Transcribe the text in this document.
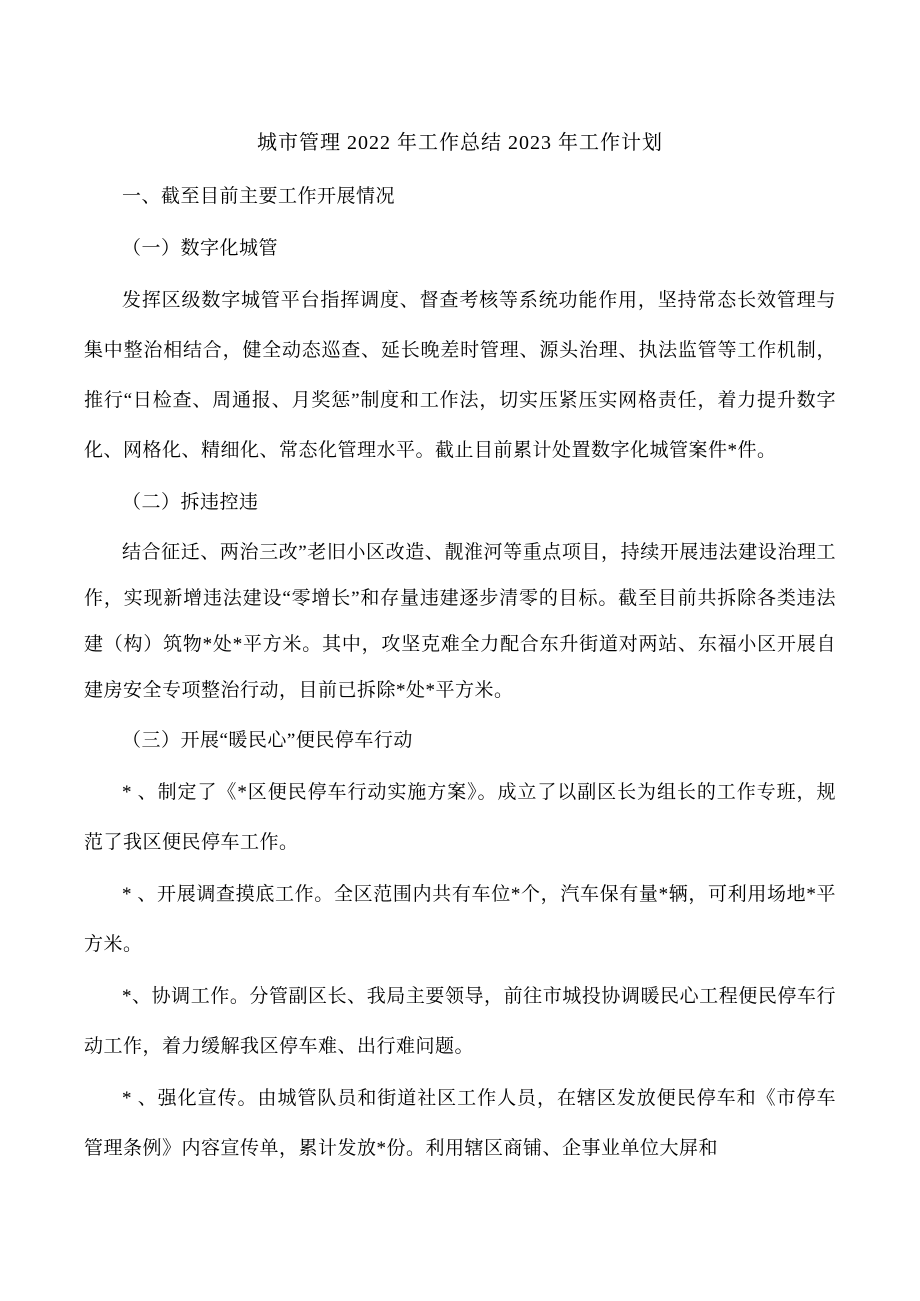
城市管理 2022 年工作总结 2023 年工作计划

一、截至目前主要工作开展情况

（一）数字化城管

发挥区级数字城管平台指挥调度、督查考核等系统功能作用，坚持常态长效管理与集中整治相结合，健全动态巡查、延长晚差时管理、源头治理、执法监管等工作机制，推行“日检查、周通报、月奖惩”制度和工作法，切实压紧压实网格责任，着力提升数字化、网格化、精细化、常态化管理水平。截止目前累计处置数字化城管案件*件。

（二）拆违控违

结合征迁、两治三改”老旧小区改造、靓淮河等重点项目，持续开展违法建设治理工作，实现新增违法建设“零增长”和存量违建逐步清零的目标。截至目前共拆除各类违法建（构）筑物*处*平方米。其中，攻坚克难全力配合东升街道对两站、东福小区开展自建房安全专项整治行动，目前已拆除*处*平方米。

（三）开展“暖民心”便民停车行动

* 、制定了《*区便民停车行动实施方案》。成立了以副区长为组长的工作专班，规范了我区便民停车工作。

* 、开展调查摸底工作。全区范围内共有车位*个，汽车保有量*辆，可利用场地*平方米。

*、协调工作。分管副区长、我局主要领导，前往市城投协调暖民心工程便民停车行动工作，着力缓解我区停车难、出行难问题。

* 、强化宣传。由城管队员和街道社区工作人员，在辖区发放便民停车和《市停车管理条例》内容宣传单，累计发放*份。利用辖区商铺、企事业单位大屏和
